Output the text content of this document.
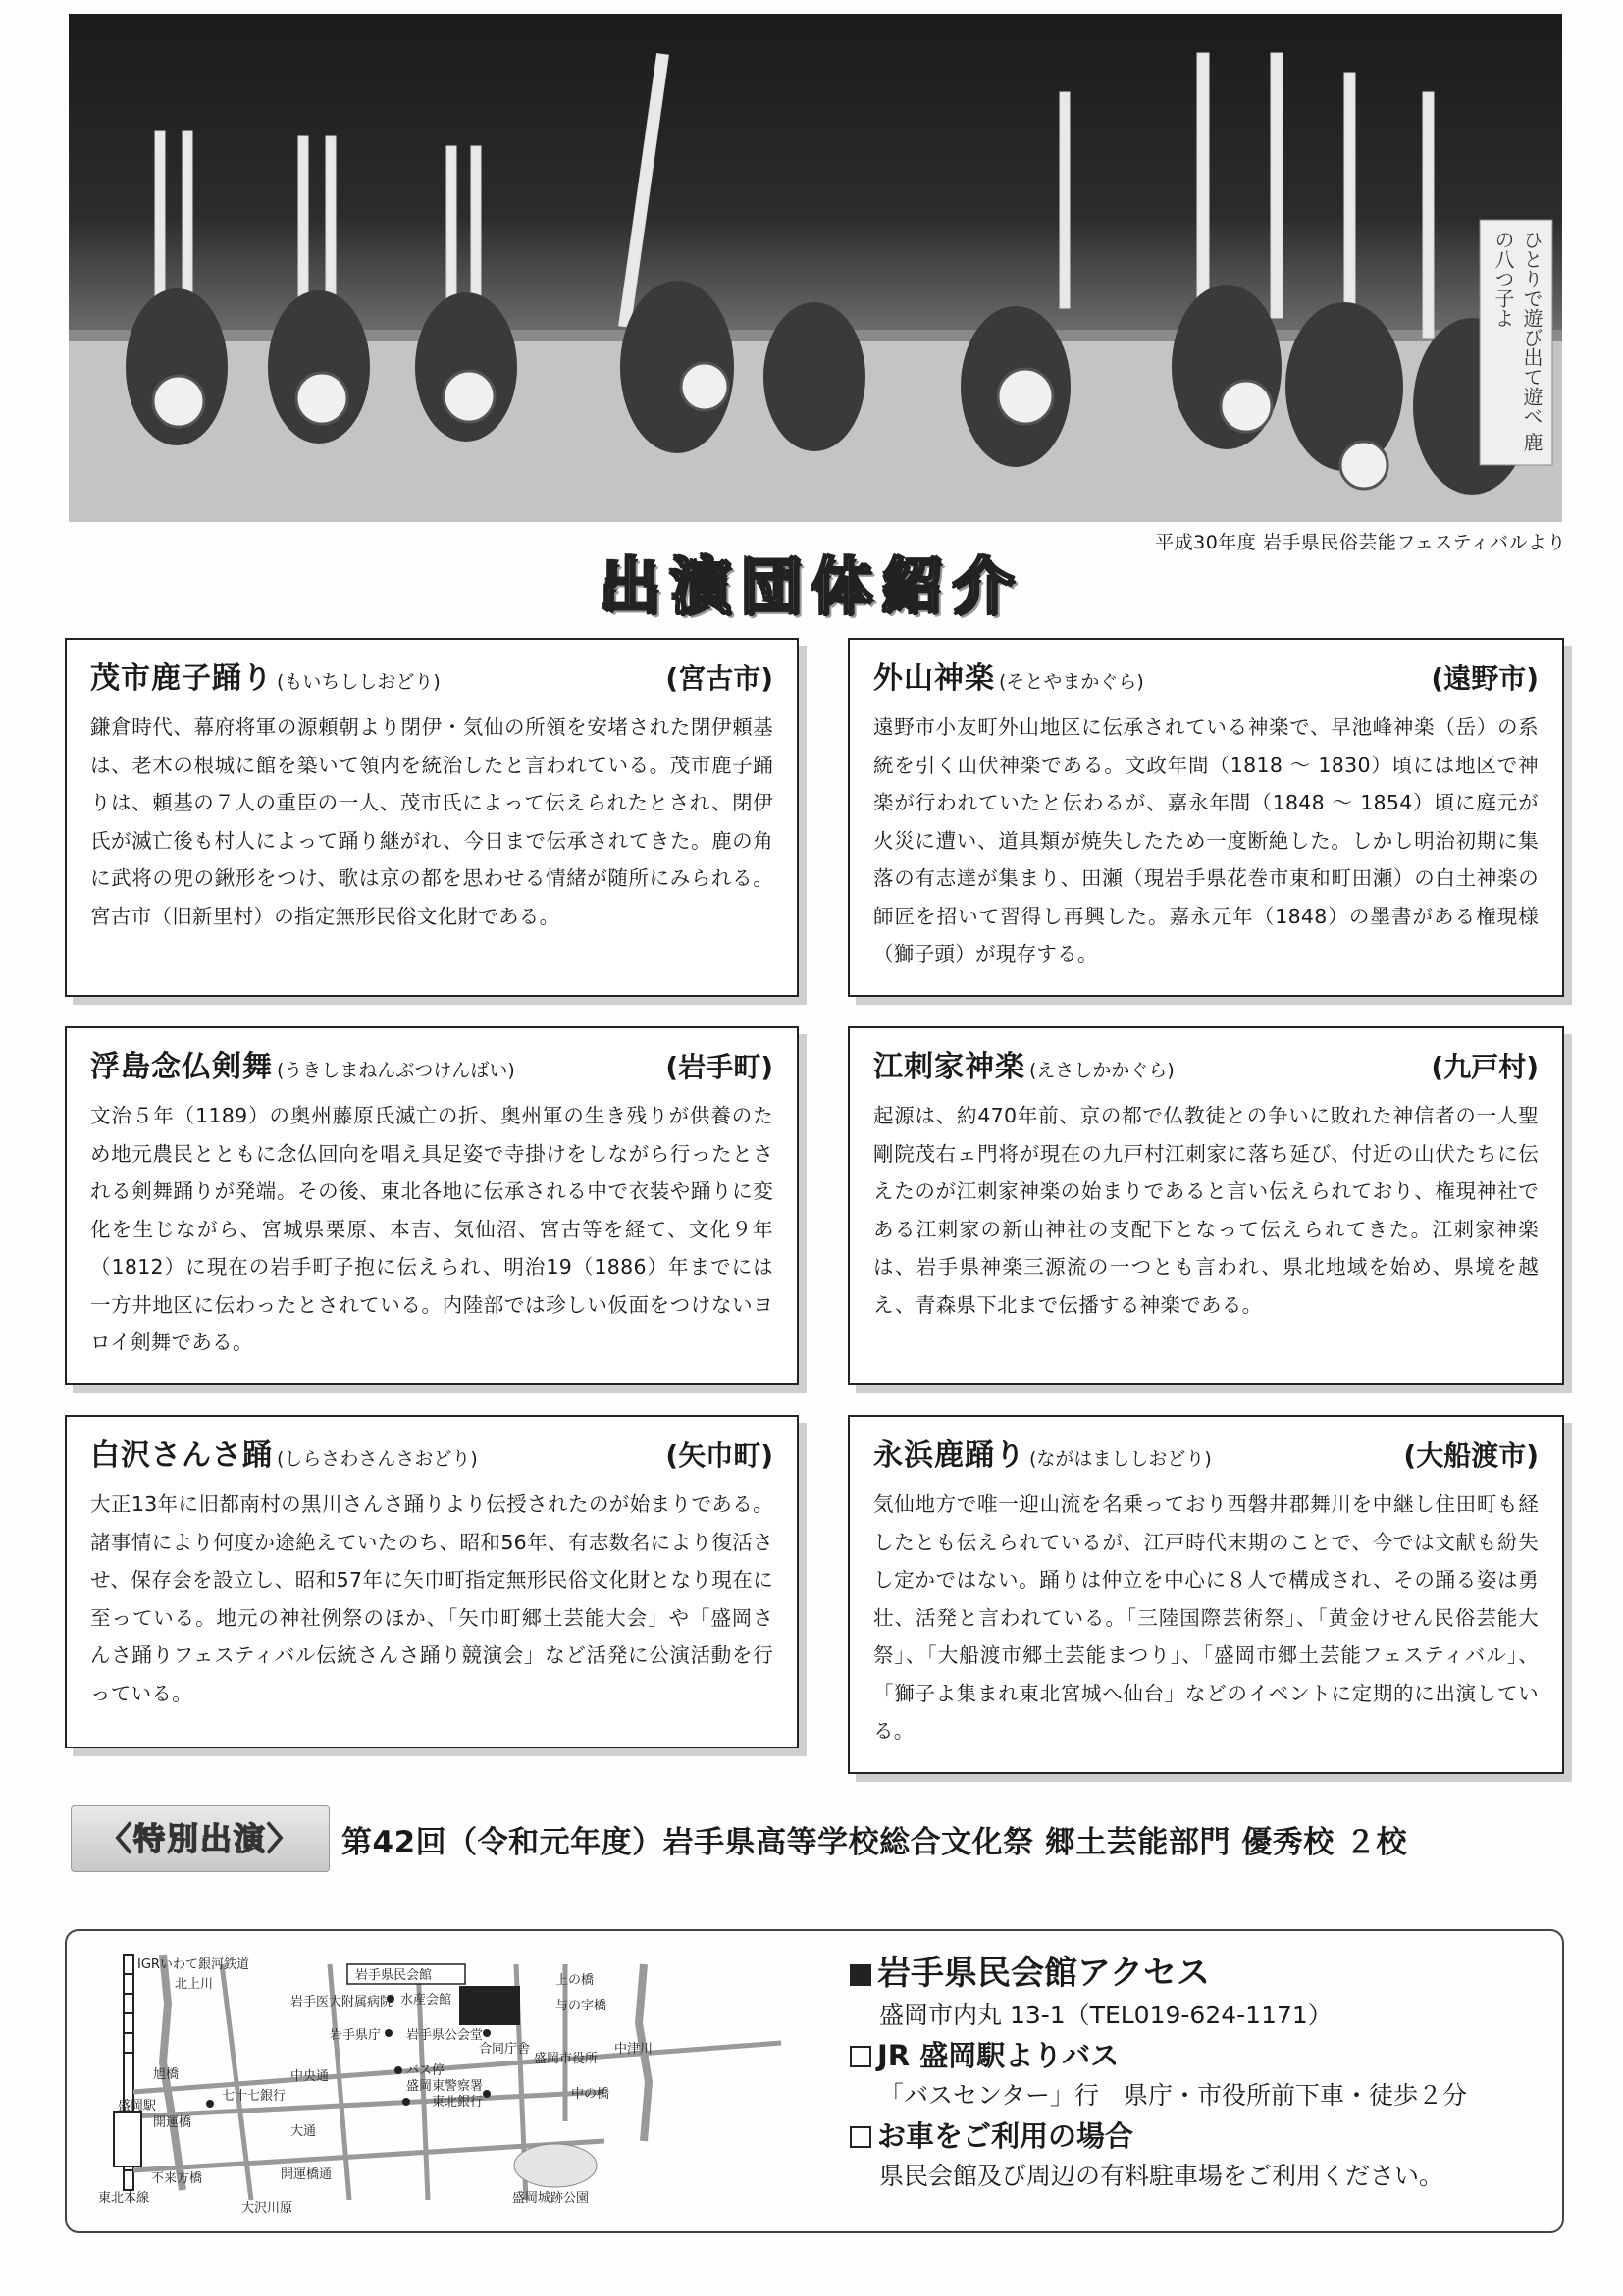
ひとりで遊び出て遊べ 鹿の八つ子よ
平成30年度 岩手県民俗芸能フェスティバルより
出演団体紹介
茂市鹿子踊り (もいちししおどり)	(宮古市)
鎌倉時代、幕府将軍の源頼朝より閉伊・気仙の所領を安堵された閉伊頼基は、老木の根城に館を築いて領内を統治したと言われている。茂市鹿子踊りは、頼基の７人の重臣の一人、茂市氏によって伝えられたとされ、閉伊氏が滅亡後も村人によって踊り継がれ、今日まで伝承されてきた。鹿の角に武将の兜の鍬形をつけ、歌は京の都を思わせる情緒が随所にみられる。宮古市（旧新里村）の指定無形民俗文化財である。
外山神楽 (そとやまかぐら)	(遠野市)
遠野市小友町外山地区に伝承されている神楽で、早池峰神楽（岳）の系統を引く山伏神楽である。文政年間（1818 ～ 1830）頃には地区で神楽が行われていたと伝わるが、嘉永年間（1848 ～ 1854）頃に庭元が火災に遭い、道具類が焼失したため一度断絶した。しかし明治初期に集落の有志達が集まり、田瀬（現岩手県花巻市東和町田瀬）の白土神楽の師匠を招いて習得し再興した。嘉永元年（1848）の墨書がある権現様（獅子頭）が現存する。
浮島念仏剣舞 (うきしまねんぶつけんばい)	(岩手町)
文治５年（1189）の奥州藤原氏滅亡の折、奥州軍の生き残りが供養のため地元農民とともに念仏回向を唱え具足姿で寺掛けをしながら行ったとされる剣舞踊りが発端。その後、東北各地に伝承される中で衣装や踊りに変化を生じながら、宮城県栗原、本吉、気仙沼、宮古等を経て、文化９年（1812）に現在の岩手町子抱に伝えられ、明治19（1886）年までには一方井地区に伝わったとされている。内陸部では珍しい仮面をつけないヨロイ剣舞である。
江刺家神楽 (えさしかかぐら)	(九戸村)
起源は、約470年前、京の都で仏教徒との争いに敗れた神信者の一人聖剛院茂右ェ門将が現在の九戸村江刺家に落ち延び、付近の山伏たちに伝えたのが江刺家神楽の始まりであると言い伝えられており、権現神社である江刺家の新山神社の支配下となって伝えられてきた。江刺家神楽は、岩手県神楽三源流の一つとも言われ、県北地域を始め、県境を越え、青森県下北まで伝播する神楽である。
白沢さんさ踊 (しらさわさんさおどり)	(矢巾町)
大正13年に旧都南村の黒川さんさ踊りより伝授されたのが始まりである。諸事情により何度か途絶えていたのち、昭和56年、有志数名により復活させ、保存会を設立し、昭和57年に矢巾町指定無形民俗文化財となり現在に至っている。地元の神社例祭のほか、「矢巾町郷土芸能大会」や「盛岡さんさ踊りフェスティバル伝統さんさ踊り競演会」など活発に公演活動を行っている。
永浜鹿踊り (ながはまししおどり)	(大船渡市)
気仙地方で唯一迎山流を名乗っており西磐井郡舞川を中継し住田町も経したとも伝えられているが、江戸時代末期のことで、今では文献も紛失し定かではない。踊りは仲立を中心に８人で構成され、その踊る姿は勇壮、活発と言われている。「三陸国際芸術祭」、「黄金けせん民俗芸能大祭」、「大船渡市郷土芸能まつり」、「盛岡市郷土芸能フェスティバル」、「獅子よ集まれ東北宮城へ仙台」などのイベントに定期的に出演している。
〈特別出演〉	第42回（令和元年度）岩手県高等学校総合文化祭 郷土芸能部門 優秀校 ２校
岩手県民会館
盛岡駅
IGRいわて銀河鉄道
東北本線
北上川
旭橋
開運橋
不来方橋
七十七銀行
中央通
大通
開運橋通
大沢川原
岩手医大附属病院 水産会館
岩手県庁 岩手県公会堂
合同庁舎
バス停
盛岡東警察署
東北銀行
盛岡市役所
上の橋
与の字橋
中津川
中の橋
盛岡城跡公園
岩手県民会館アクセス
盛岡市内丸 13-1（TEL019-624-1171）
JR 盛岡駅よりバス
「バスセンター」行　県庁・市役所前下車・徒歩２分
お車をご利用の場合
県民会館及び周辺の有料駐車場をご利用ください。
